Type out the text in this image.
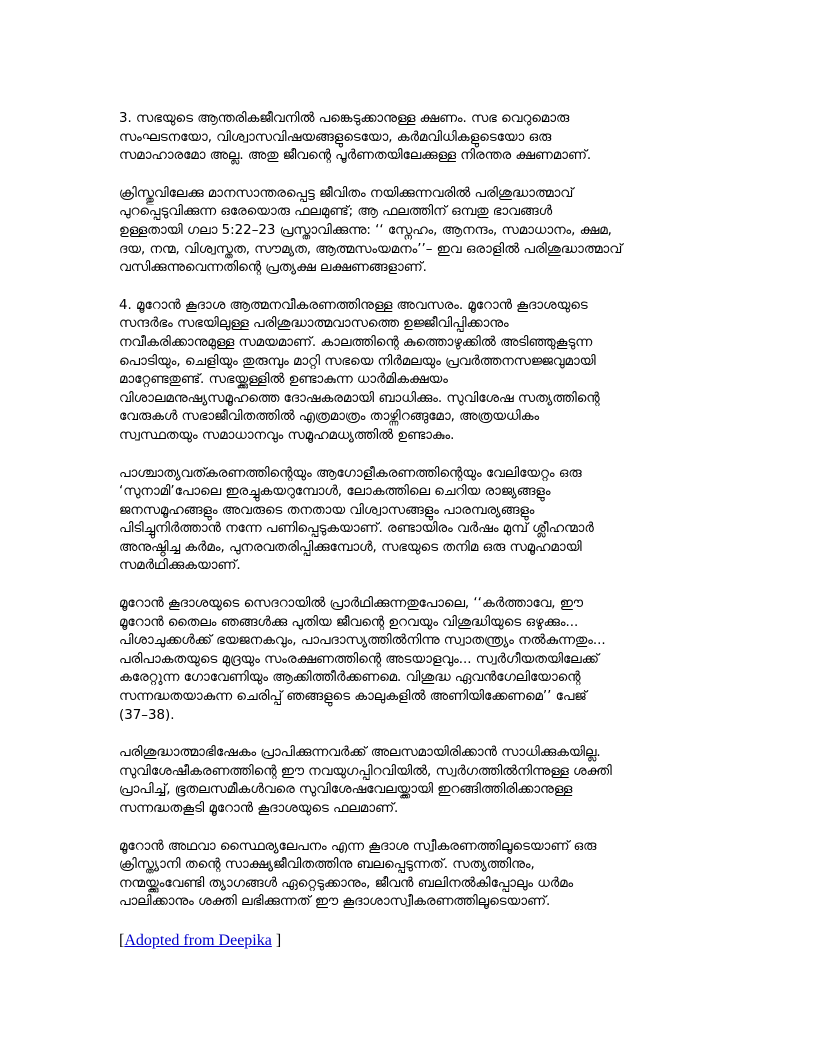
3. സഭയുടെ ആന്തരികജീവനില്‍ പങ്കെടുക്കാനുള്ള ക്ഷണം. സഭ വെറുമൊരു
സംഘടനയോ, വിശ്വാസവിഷയങ്ങളുടെയോ, കര്‍മവിധികളുടെയോ ഒരു
സമാഹാരമോ അല്ല. അതു ജീവന്റെ പൂര്‍ണതയിലേക്കുള്ള നിരന്തര ക്ഷണമാണ്.

ക്രിസ്തുവിലേക്കു മാനസാന്തരപ്പെട്ട ജീവിതം നയിക്കുന്നവരില്‍ പരിശുദ്ധാത്മാവ്
പുറപ്പെടുവിക്കുന്ന ഒരേയൊരു ഫലമുണ്ട്; ആ ഫലത്തിന് ഒമ്പതു ഭാവങ്ങള്‍
ഉള്ളതായി ഗലാ 5:22–23 പ്രസ്താവിക്കുന്നു: ‘‘ സ്നേഹം, ആനന്ദം, സമാധാനം, ക്ഷമ,
ദയ, നന്മ, വിശ്വസ്തത, സൗമ്യത, ആത്മസംയമനം’’– ഇവ ഒരാളില്‍ പരിശുദ്ധാത്മാവ്
വസിക്കുന്നുവെന്നതിന്റെ പ്രത്യക്ഷ ലക്ഷണങ്ങളാണ്.

4. മൂറോന്‍ കൂദാശ ആത്മനവീകരണത്തിനുള്ള അവസരം. മൂറോന്‍ കൂദാശയുടെ
സന്ദര്‍ഭം സഭയിലുള്ള പരിശുദ്ധാത്മവാസത്തെ ഉജ്ജീവിപ്പിക്കാനും
നവീകരിക്കാനുമുള്ള സമയമാണ്. കാലത്തിന്റെ കുത്തൊഴുക്കില്‍ അടിഞ്ഞുകൂടുന്ന
പൊടിയും, ചെളിയും തുരുമ്പും മാറ്റി സഭയെ നിര്‍മലയും പ്രവര്‍ത്തനസജ്ജവുമായി
മാറ്റേണ്ടതുണ്ട്. സഭയ്ക്കുള്ളില്‍ ഉണ്ടാകുന്ന ധാര്‍മികക്ഷയം
വിശാലമനുഷ്യസമൂഹത്തെ ദോഷകരമായി ബാധിക്കും. സുവിശേഷ സത്യത്തിന്റെ
വേരുകള്‍ സഭാജീവിതത്തില്‍ എത്രമാത്രം താഴ്ന്നിറങ്ങുമോ, അത്രയധികം
സ്വസ്ഥതയും സമാധാനവും സമൂഹമധ്യത്തില്‍ ഉണ്ടാകും.

പാശ്ചാത്യവത്കരണത്തിന്റെയും ആഗോളീകരണത്തിന്റെയും വേലിയേറ്റം ഒരു
‘സുനാമി’പോലെ ഇരച്ചുകയറുമ്പോള്‍, ലോകത്തിലെ ചെറിയ രാജ്യങ്ങളും
ജനസമൂഹങ്ങളും അവരുടെ തനതായ വിശ്വാസങ്ങളും പാരമ്പര്യങ്ങളും
പിടിച്ചുനിര്‍ത്താന്‍ നന്നേ പണിപ്പെടുകയാണ്. രണ്ടായിരം വര്‍ഷം മുമ്പ് ശ്ലീഹന്മാര്‍
അനുഷ്ഠിച്ച കര്‍മം, പുനരവതരിപ്പിക്കുമ്പോള്‍, സഭയുടെ തനിമ ഒരു സമൂഹമായി
സമര്‍ഥിക്കുകയാണ്.

മൂറോന്‍ കൂദാശയുടെ സെദറായില്‍ പ്രാര്‍ഥിക്കുന്നതുപോലെ, ‘‘കര്‍ത്താവേ, ഈ
മൂറോന്‍ തൈലം ഞങ്ങള്‍ക്കു പുതിയ ജീവന്റെ ഉറവയും വിശുദ്ധിയുടെ ഒഴുക്കും...
പിശാചുക്കള്‍ക്ക് ഭയജനകവും, പാപദാസ്യത്തില്‍നിന്നു സ്വാതന്ത്ര്യം നല്‍കുന്നതും...
പരിപാകതയുടെ മുദ്രയും സംരക്ഷണത്തിന്റെ അടയാളവും... സ്വര്‍ഗീയതയിലേക്ക്
കരേറ്റുന്ന ഗോവേണിയും ആക്കിത്തീര്‍ക്കണമെ. വിശുദ്ധ ഏവന്‍ഗേലിയോന്റെ
സന്നദ്ധതയാകുന്ന ചെരിപ്പ് ഞങ്ങളുടെ കാലുകളില്‍ അണിയിക്കേണമെ’’ പേജ്
(37–38).

പരിശുദ്ധാത്മാഭിഷേകം പ്രാപിക്കുന്നവര്‍ക്ക് അലസമായിരിക്കാന്‍ സാധിക്കുകയില്ല.
സുവിശേഷീകരണത്തിന്റെ ഈ നവയുഗപ്പിറവിയില്‍, സ്വര്‍ഗത്തില്‍നിന്നുള്ള ശക്തി
പ്രാപിച്ച്, ഭൂതലസമീകള്‍വരെ സുവിശേഷവേലയ്ക്കായി ഇറങ്ങിത്തിരിക്കാനുള്ള
സന്നദ്ധതകൂടി മൂറോന്‍ കൂദാശയുടെ ഫലമാണ്.

മൂറോന്‍ അഥവാ സ്ഥൈര്യലേപനം എന്ന കൂദാശ സ്വീകരണത്തിലൂടെയാണ് ഒരു
ക്രിസ്ത്യാനി തന്റെ സാക്ഷ്യജീവിതത്തിനു ബലപ്പെടുന്നത്. സത്യത്തിനും,
നന്മയ്ക്കുംവേണ്ടി ത്യാഗങ്ങള്‍ ഏറ്റെടുക്കാനും, ജീവന്‍ ബലിനല്‍കിപ്പോലും ധര്‍മം
പാലിക്കാനും ശക്തി ലഭിക്കുന്നത് ഈ കൂദാശാസ്വീകരണത്തിലൂടെയാണ്.

[Adopted from Deepika ]
